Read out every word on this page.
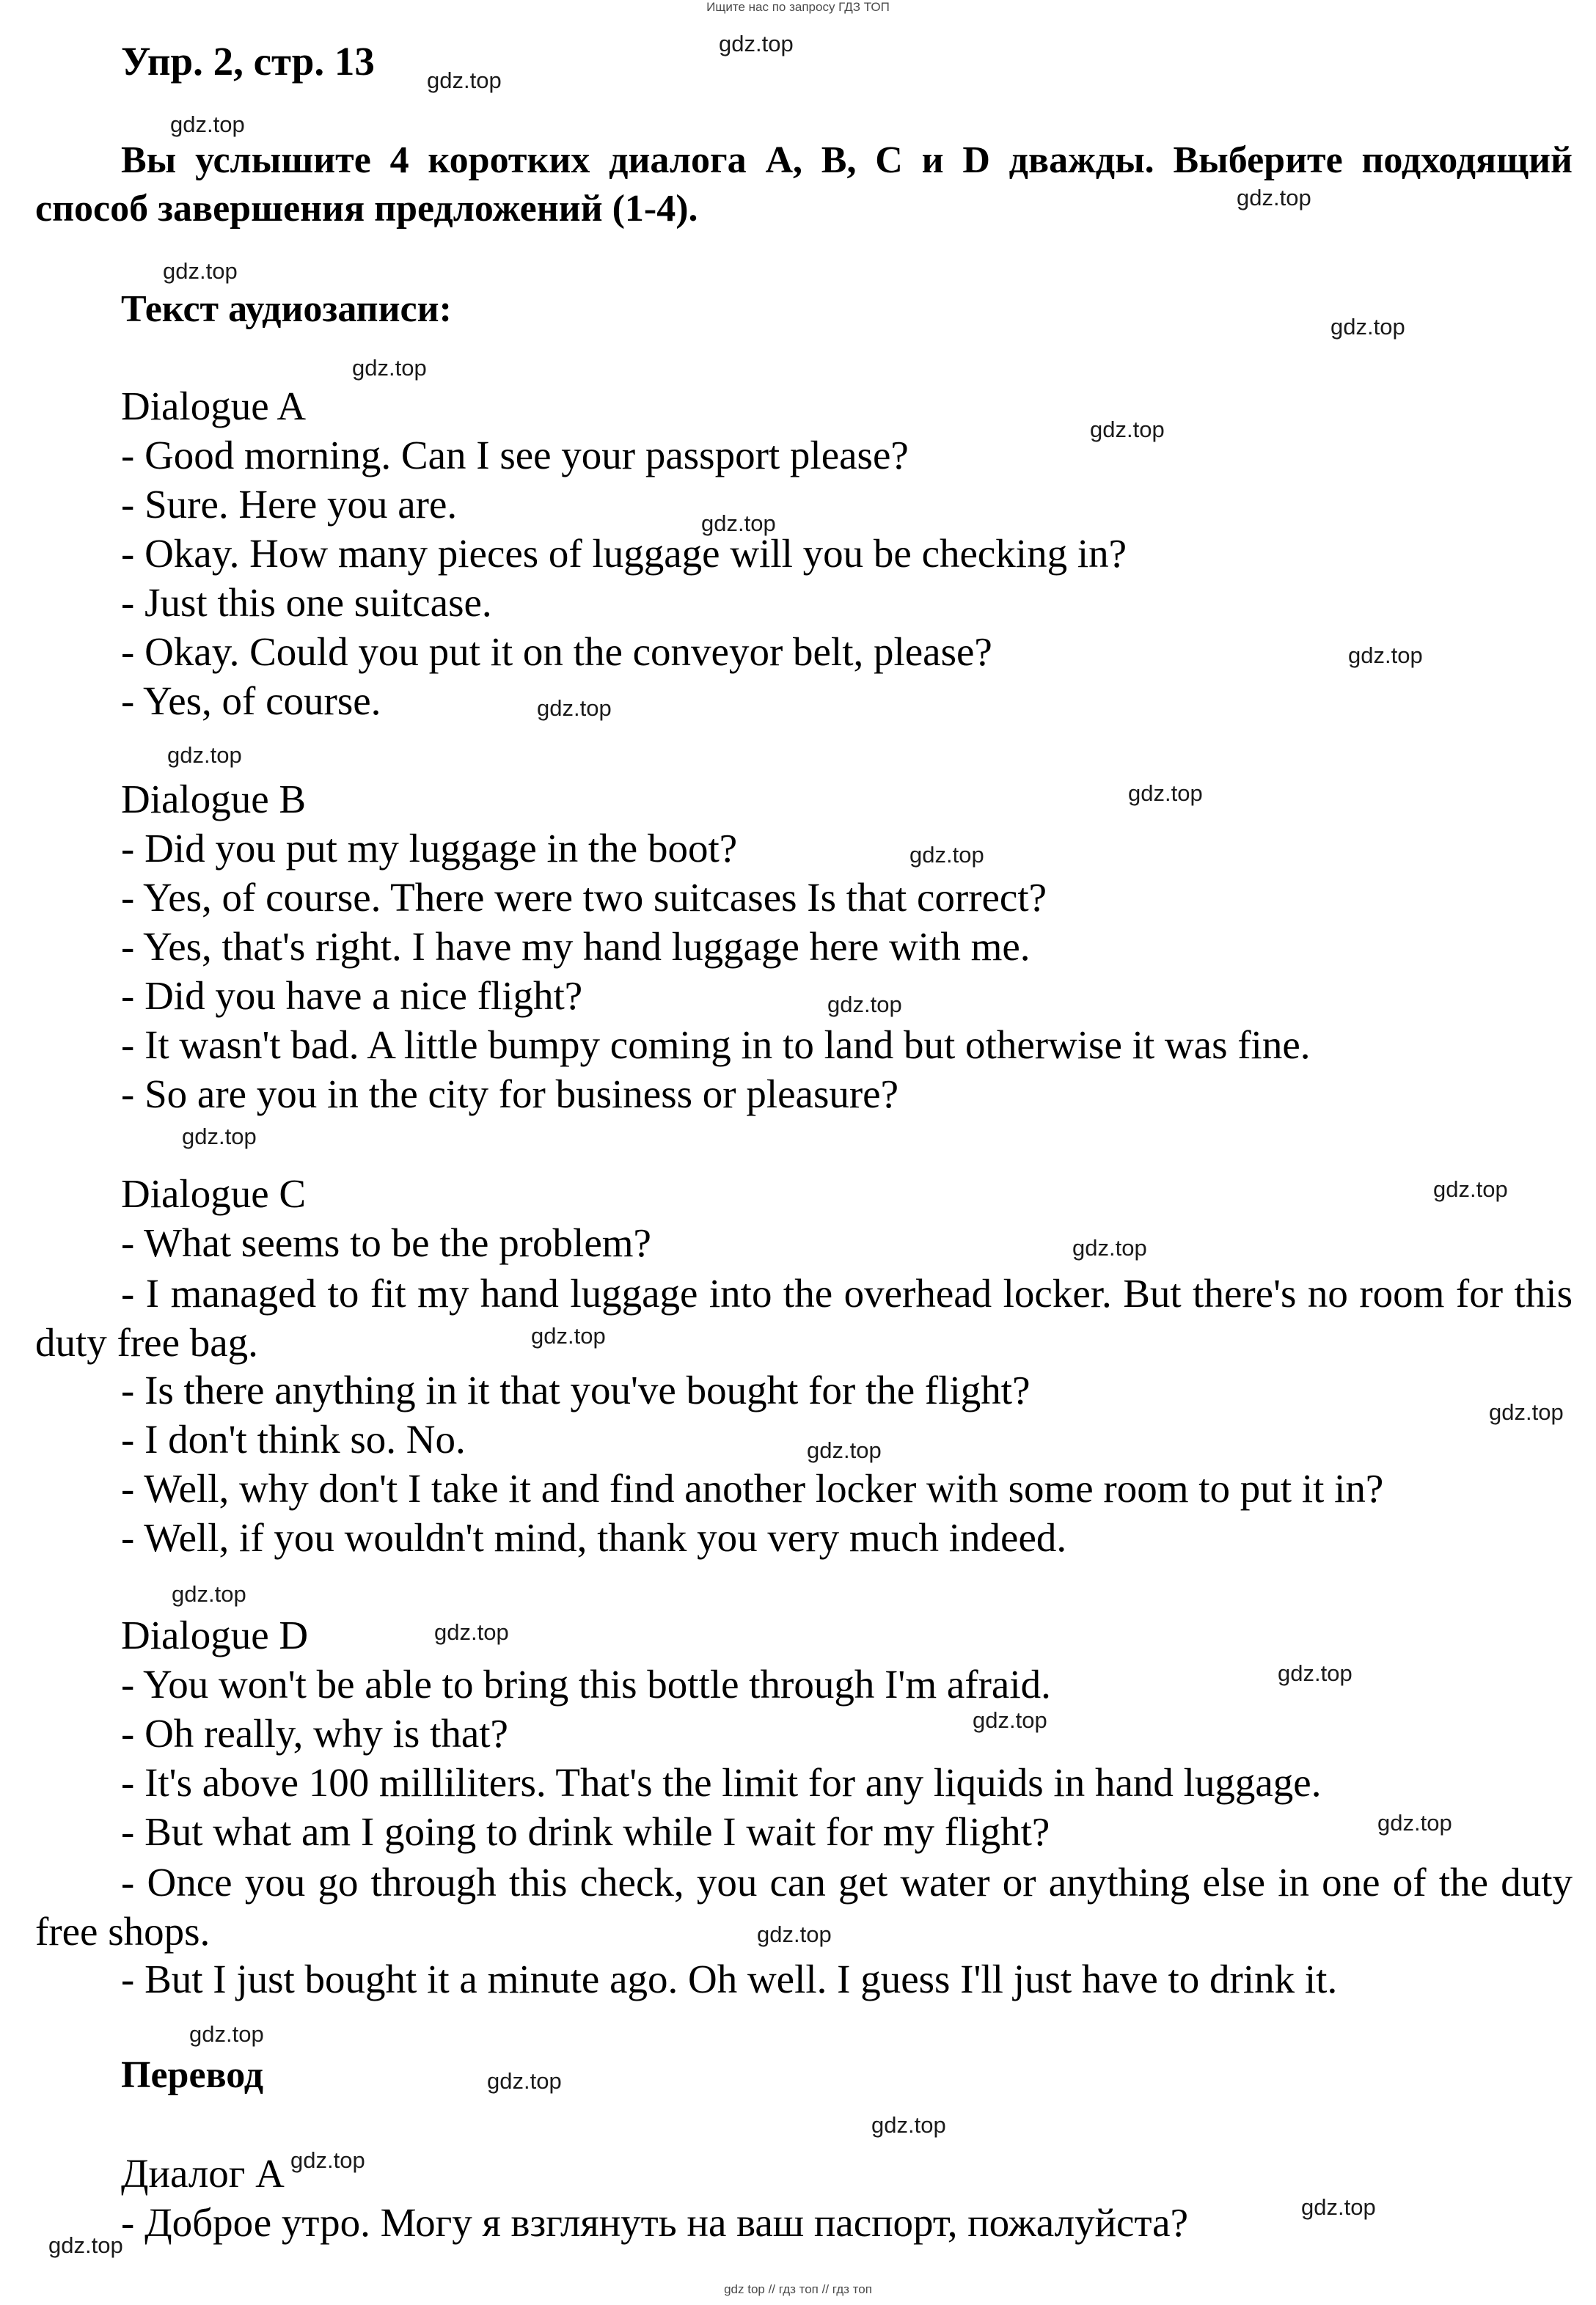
Ищите нас по запросу ГДЗ ТОП
Упр. 2, стр. 13
Вы услышите 4 коротких диалога A, B, C и D дважды. Выберите подходящий способ завершения предложений (1-4).
Текст аудиозаписи:
Dialogue A
- Good morning. Can I see your passport please?
- Sure. Here you are.
- Okay. How many pieces of luggage will you be checking in?
- Just this one suitcase.
- Okay. Could you put it on the conveyor belt, please?
- Yes, of course.
Dialogue B
- Did you put my luggage in the boot?
- Yes, of course. There were two suitcases Is that correct?
- Yes, that's right. I have my hand luggage here with me.
- Did you have a nice flight?
- It wasn't bad. A little bumpy coming in to land but otherwise it was fine.
- So are you in the city for business or pleasure?
Dialogue C
- What seems to be the problem?
- I managed to fit my hand luggage into the overhead locker. But there's no room for this duty free bag.
- Is there anything in it that you've bought for the flight?
- I don't think so. No.
- Well, why don't I take it and find another locker with some room to put it in?
- Well, if you wouldn't mind, thank you very much indeed.
Dialogue D
- You won't be able to bring this bottle through I'm afraid.
- Oh really, why is that?
- It's above 100 milliliters. That's the limit for any liquids in hand luggage.
- But what am I going to drink while I wait for my flight?
- Once you go through this check, you can get water or anything else in one of the duty free shops.
- But I just bought it a minute ago. Oh well. I guess I'll just have to drink it.
Перевод
Диалог А
- Доброе утро. Могу я взглянуть на ваш паспорт, пожалуйста?
gdz.top
gdz.top
gdz.top
gdz.top
gdz.top
gdz.top
gdz.top
gdz.top
gdz.top
gdz.top
gdz.top
gdz.top
gdz.top
gdz.top
gdz.top
gdz.top
gdz.top
gdz.top
gdz.top
gdz.top
gdz.top
gdz.top
gdz.top
gdz.top
gdz.top
gdz.top
gdz.top
gdz.top
gdz.top
gdz.top
gdz.top
gdz.top
gdz.top
gdz top // гдз топ // гдз топ
